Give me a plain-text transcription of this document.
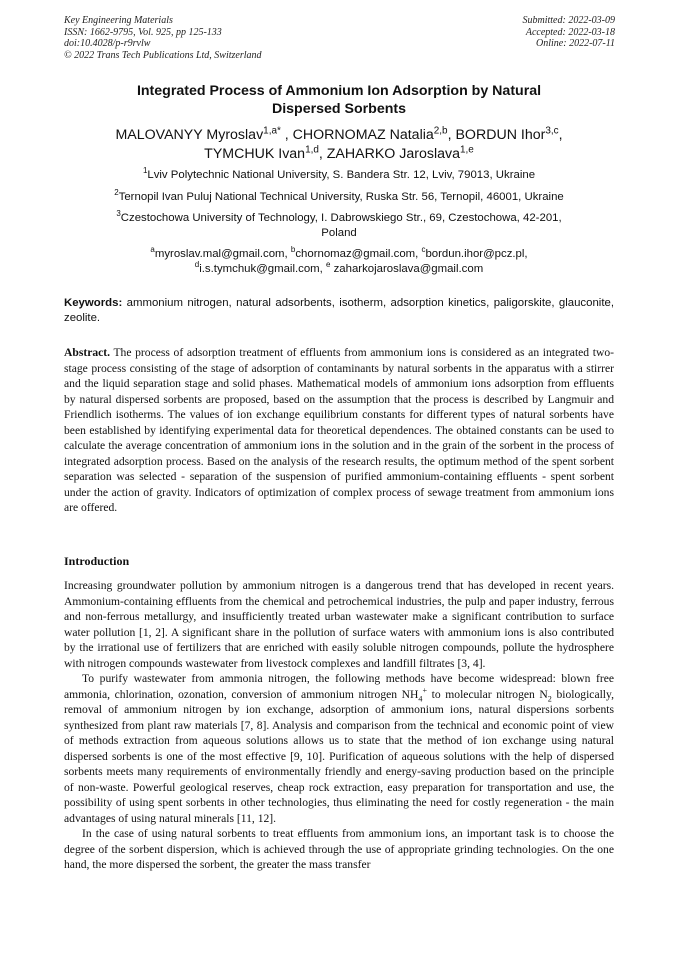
Key Engineering Materials
ISSN: 1662-9795, Vol. 925, pp 125-133
doi:10.4028/p-r9rvlw
© 2022 Trans Tech Publications Ltd, Switzerland
Submitted: 2022-03-09
Accepted: 2022-03-18
Online: 2022-07-11
Integrated Process of Ammonium Ion Adsorption by Natural
Dispersed Sorbents
MALOVANYY Myroslav$^{1,a*}$ , CHORNOMAZ Natalia$^{2,b}$, BORDUN Ihor$^{3,c}$,
TYMCHUK Ivan$^{1,d}$, ZAHARKO Jaroslava$^{1,e}$
$^1$Lviv Polytechnic National University, S. Bandera Str. 12, Lviv, 79013, Ukraine
$^2$Ternopil Ivan Puluj National Technical University, Ruska Str. 56, Ternopil, 46001, Ukraine
$^3$Czestochowa University of Technology, I. Dabrowskiego Str., 69, Czestochowa, 42-201, Poland
$^a$myroslav.mal@gmail.com, $^b$chornomaz@gmail.com, $^c$bordun.ihor@pcz.pl,
$^d$i.s.tymchuk@gmail.com, $^e$ zaharkojaroslava@gmail.com
Keywords: ammonium nitrogen, natural adsorbents, isotherm, adsorption kinetics, paligorskite, glauconite, zeolite.
Abstract. The process of adsorption treatment of effluents from ammonium ions is considered as an integrated two-stage process consisting of the stage of adsorption of contaminants by natural sorbents in the apparatus with a stirrer and the liquid separation stage and solid phases. Mathematical models of ammonium ions adsorption from effluents by natural dispersed sorbents are proposed, based on the assumption that the process is described by Langmuir and Friendlich isotherms. The values of ion exchange equilibrium constants for different types of natural sorbents have been established by identifying experimental data for theoretical dependences. The obtained constants can be used to calculate the average concentration of ammonium ions in the solution and in the grain of the sorbent in the process of integrated adsorption process. Based on the analysis of the research results, the optimum method of the spent sorbent separation was selected - separation of the suspension of purified ammonium-containing effluents - spent sorbent under the action of gravity. Indicators of optimization of complex process of sewage treatment from ammonium ions are offered.
Introduction

Increasing groundwater pollution by ammonium nitrogen is a dangerous trend that has developed in recent years. Ammonium-containing effluents from the chemical and petrochemical industries, the pulp and paper industry, ferrous and non-ferrous metallurgy, and insufficiently treated urban wastewater make a significant contribution to surface water pollution [1, 2]. A significant share in the pollution of surface waters with ammonium ions is also contributed by the irrational use of fertilizers that are enriched with easily soluble nitrogen compounds, pollute the hydrosphere with nitrogen compounds wastewater from livestock complexes and landfill filtrates [3, 4].

To purify wastewater from ammonia nitrogen, the following methods have become widespread: blown free ammonia, chlorination, ozonation, conversion of ammonium nitrogen $NH_4^+$ to molecular nitrogen $N_2$ biologically, removal of ammonium nitrogen by ion exchange, adsorption of ammonium ions, natural dispersions sorbents synthesized from plant raw materials [7, 8]. Analysis and comparison from the technical and economic point of view of methods extraction from aqueous solutions allows us to state that the method of ion exchange using natural dispersed sorbents is one of the most effective [9, 10]. Purification of aqueous solutions with the help of dispersed sorbents meets many requirements of environmentally friendly and energy-saving production based on the principle of non-waste. Powerful geological reserves, cheap rock extraction, easy preparation for transportation and use, the possibility of using spent sorbents in other technologies, thus eliminating the need for costly regeneration - the main advantages of using natural minerals [11, 12].

In the case of using natural sorbents to treat effluents from ammonium ions, an important task is to choose the degree of the sorbent dispersion, which is achieved through the use of appropriate grinding technologies. On the one hand, the more dispersed the sorbent, the greater the mass transfer
